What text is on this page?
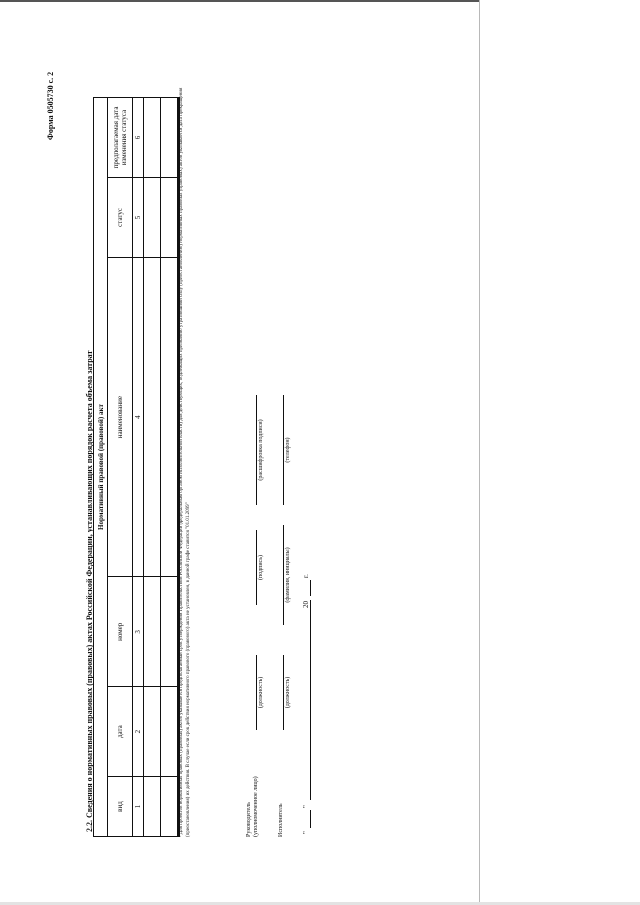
Форма 0505730 с. 2
2.2. Сведения о нормативных правовых (правовых) актах Российской Федерации, устанавливающих порядок расчета объема затрат Нормативный правовой (правовой) акт					
вид	дата	номер	наименование	статус	предполагаемая дата изменения статуса
1	2	3	4	5	6

						¹ Для проектов нормативных правовых (правовых) актов указывается предполагаемый срок утверждения Правительством Российской Федерации (федеральным органом исполнительной власти) для действующих, подлежащих признанию утратившими силу (приостановлению) нормативных правовых (правовых) актов указывается дата прекращения (приостановления) их действия. В случае если срок действия нормативного правового (правового) акта не установлен, в данной графе ставится "01.01.2099"	Руководитель (уполномоченное лицо)
(должность)
(подпись)
(расшифровка подписи)
Исполнитель
(должность)
(фамилия, инициалы)
(телефон)
"
"
20
г.
